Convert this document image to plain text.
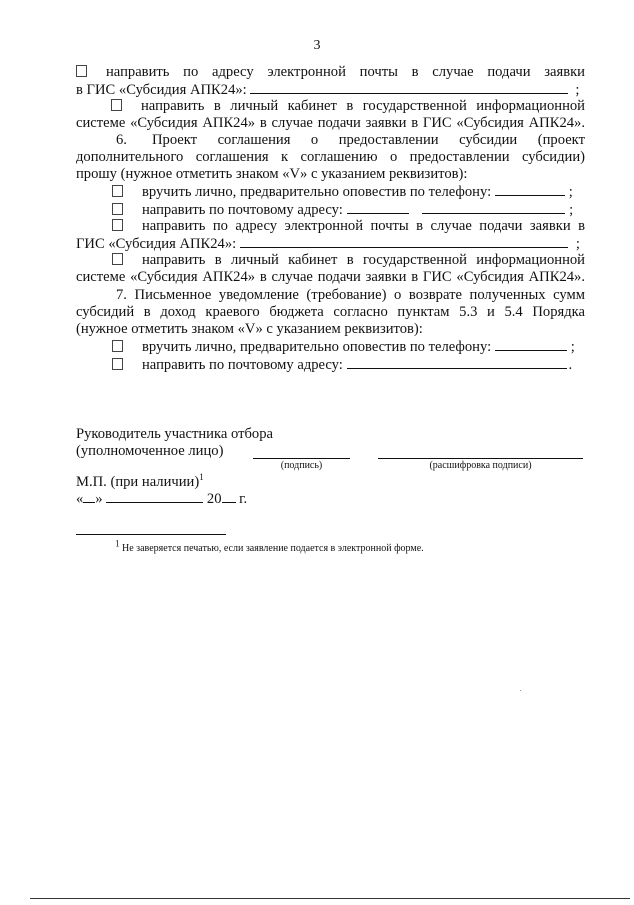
3
направить по адресу электронной почты в случае подачи заявки
в ГИС «Субсидия АПК24»:	;
направить в личный кабинет в государственной информационной
системе «Субсидия АПК24» в случае подачи заявки в ГИС «Субсидия АПК24».
6. Проект соглашения о предоставлении субсидии (проект
дополнительного соглашения к соглашению о предоставлении субсидии)
прошу (нужное отметить знаком «V» с указанием реквизитов):
вручить лично, предварительно оповестив по телефону:	;
направить по почтовому адресу:	;
направить по адресу электронной почты в случае подачи заявки в
ГИС «Субсидия АПК24»:	;
направить в личный кабинет в государственной информационной
системе «Субсидия АПК24» в случае подачи заявки в ГИС «Субсидия АПК24».
7. Письменное уведомление (требование) о возврате полученных сумм
субсидий в доход краевого бюджета согласно пунктам 5.3 и 5.4 Порядка
(нужное отметить знаком «V» с указанием реквизитов):
вручить лично, предварительно оповестив по телефону:	;
направить по почтовому адресу:	.
Руководитель участника отбора
(уполномоченное лицо)
(подпись)	(расшифровка подписи)
М.П. (при наличии)$^1$
« »	20 г.
$^1$ Не заверяется печатью, если заявление подается в электронной форме.
